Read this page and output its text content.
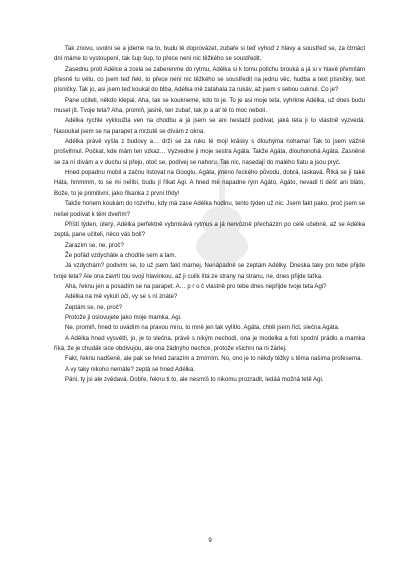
Tak znovu, uvolni se a jdeme na to, budu tě doprovázet, zubaře si teď vyhoď z hlavy a soustřeď se, za čtrnáct dní máme to vystoupení, tak šup šup, to přece není nic těžkého se soustředit.

Zasednu proti Adélce a zcela se zaberenme do rytmu, Adélka si k tomu potichu brouká a já si v hlavě přemílám přesně tu větu, co jsem teď řekl, to přece není nic těžkého se soustředit na jednu věc, hudba a text písničky, text písničky. Tak jo, asi jsem teď koukal do blba, Adélka mě zatahala za rukáv, až jsem s sebou cuknul. Co je?

Pane učiteli, někdo klepal. Aha, tak se koukneme, kdo to je. To je asi moje teta, vyhrkne Adélka, už dnes budu muset jít. Tvoje teta? Aha, promiň, jasně, ten zubař, tak jo a ať tě to moc nebolí.

Adélka rychle vykloužla ven na chodbu a já jsem se ani nestačil podívat, jaká teta ji to vlastně vyzvedá. Nasoukal jsem se na parapet a mrzutě se dívám z okna.

Adélka právě vyšla z budovy a… drží se za ruku té mojí krásky s dlouhýma nohama! Tak to jsem vážně prošvihnul. Počkat, kde mám ten vzkaz… Vyzvedne ji moje sestra Agáta. Takže Agáta, dlouhonohá Agáta. Zasněně se za ní dívám a v duchu si přeju, otoč se, podívej se nahoru. Tak nic, nasedají do malého fiatu a jsou pryč.

Hned popadnu mobil a začnu listovat na Googlu, Agáta, jméno řeckého původu, dobrá, laskavá. Říká se jí také Háta, hmmmm, to se mi nelíbí, budu jí říkat Agi. A hned mě napadne rým Agáto, Agáto, nevadí ti déšť ani bláto, Bože, to je primitivní, jako říkanka z první třídy!

Takže honem koukám do rozvrhu, kdy má zase Adélka hodinu, tento týden už nic. Jsem fakt pako, proč jsem se nešel podívat k těm dveřím?

Příští týden, úterý, Adélka perfektně vybrnkává rytmus a já nervózně přecházím po celé učebně, až se Adélka zeptá, pane učiteli, něco vás bolí?

Zarazím se, ne, proč?

Že pořád vzdycháte a chodíte sem a tam.

Já vzdychám? podivím se, to už jsem fakt marnej. Nenápadně se zeptám Adélky. Dneska taky pro tebe přijde tvoje teta? Ale ona zavrtí tou svojí hlavinkou, až ji culík lítá ze strany na stranu, ne, dnes přijde taťka.

Aha, řeknu jen a posadím se na parapet. A… p r o č vlastně pro tebe dnes nepřijde tvoje teta Agi?

Adélka na mě vykulí oči, vy se s ní znáte?

Zeptám se, ne, proč?

Protože ji oslovujete jako moje mamka, Agi.

Ne, promiň, hned to uvádím na pravou míru, to mně jen tak vylítlo. Agáta, chtěl jsem říct, slečna Agáta.

A Adélka hned vysvětlí, jo, je to slečna, právě s nikým nechodí, ona je modelka a fotí spodní prádlo a mamka říká, že je chudák sice obdivujou, ale ona žádnýho nechce, protože všichni na ni žárlej.

Fakt, řeknu nadšeně, ale pak se hned zarazím a zmírním. No, ono je to někdy těžký s těma našima profesema.

A vy taky nikoho nemáte? zeptá se hned Adélka.

Páni, ty jsi ale zvědavá. Dobře, řeknu ti to, ale nesmíš to nikomu prozradit, ledáá možná tetě Agi.

9
